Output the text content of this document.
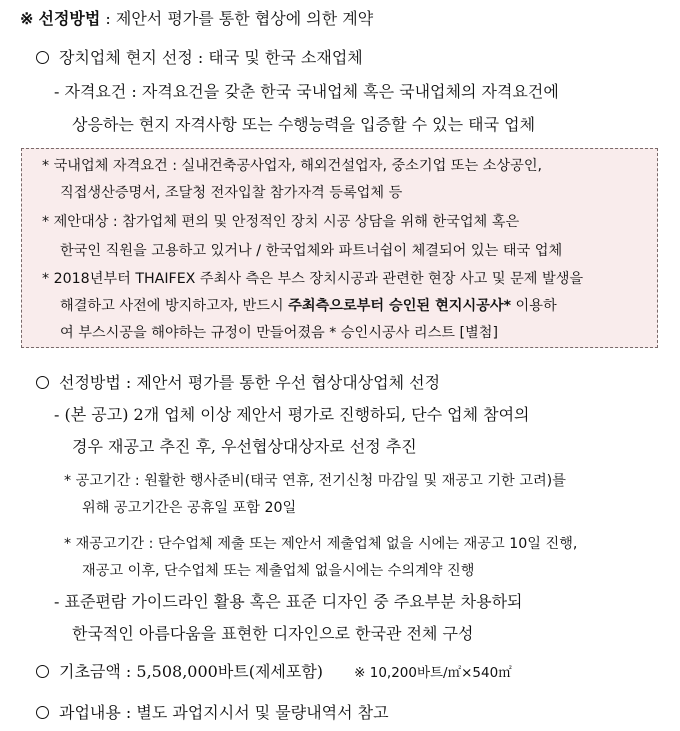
※ 선정방법 : 제안서 평가를 통한 협상에 의한 계약
장치업체 현지 선정 : 태국 및 한국 소재업체
- 자격요건 : 자격요건을 갖춘 한국 국내업체 혹은 국내업체의 자격요건에
상응하는 현지 자격사항 또는 수행능력을 입증할 수 있는 태국 업체
* 국내업체 자격요건 : 실내건축공사업자, 해외건설업자, 중소기업 또는 소상공인,
직접생산증명서, 조달청 전자입찰 참가자격 등록업체 등
* 제안대상 : 참가업체 편의 및 안정적인 장치 시공 상담을 위해 한국업체 혹은
한국인 직원을 고용하고 있거나 / 한국업체와 파트너쉽이 체결되어 있는 태국 업체
* 2018년부터 THAIFEX 주최사 측은 부스 장치시공과 관련한 현장 사고 및 문제 발생을
해결하고 사전에 방지하고자, 반드시 주최측으로부터 승인된 현지시공사* 이용하
여 부스시공을 해야하는 규정이 만들어졌음 * 승인시공사 리스트 [별첨]
선정방법 : 제안서 평가를 통한 우선 협상대상업체 선정
- (본 공고) 2개 업체 이상 제안서 평가로 진행하되, 단수 업체 참여의
경우 재공고 추진 후, 우선협상대상자로 선정 추진
* 공고기간 : 원활한 행사준비(태국 연휴, 전기신청 마감일 및 재공고 기한 고려)를
위해 공고기간은 공휴일 포함 20일
* 재공고기간 : 단수업체 제출 또는 제안서 제출업체 없을 시에는 재공고 10일 진행,
재공고 이후, 단수업체 또는 제출업체 없을시에는 수의계약 진행
- 표준편람 가이드라인 활용 혹은 표준 디자인 중 주요부분 차용하되
한국적인 아름다움을 표현한 디자인으로 한국관 전체 구성
기초금액 : 5,508,000바트(제세포함) ※ 10,200바트/㎡×540㎡
과업내용 : 별도 과업지시서 및 물량내역서 참고
